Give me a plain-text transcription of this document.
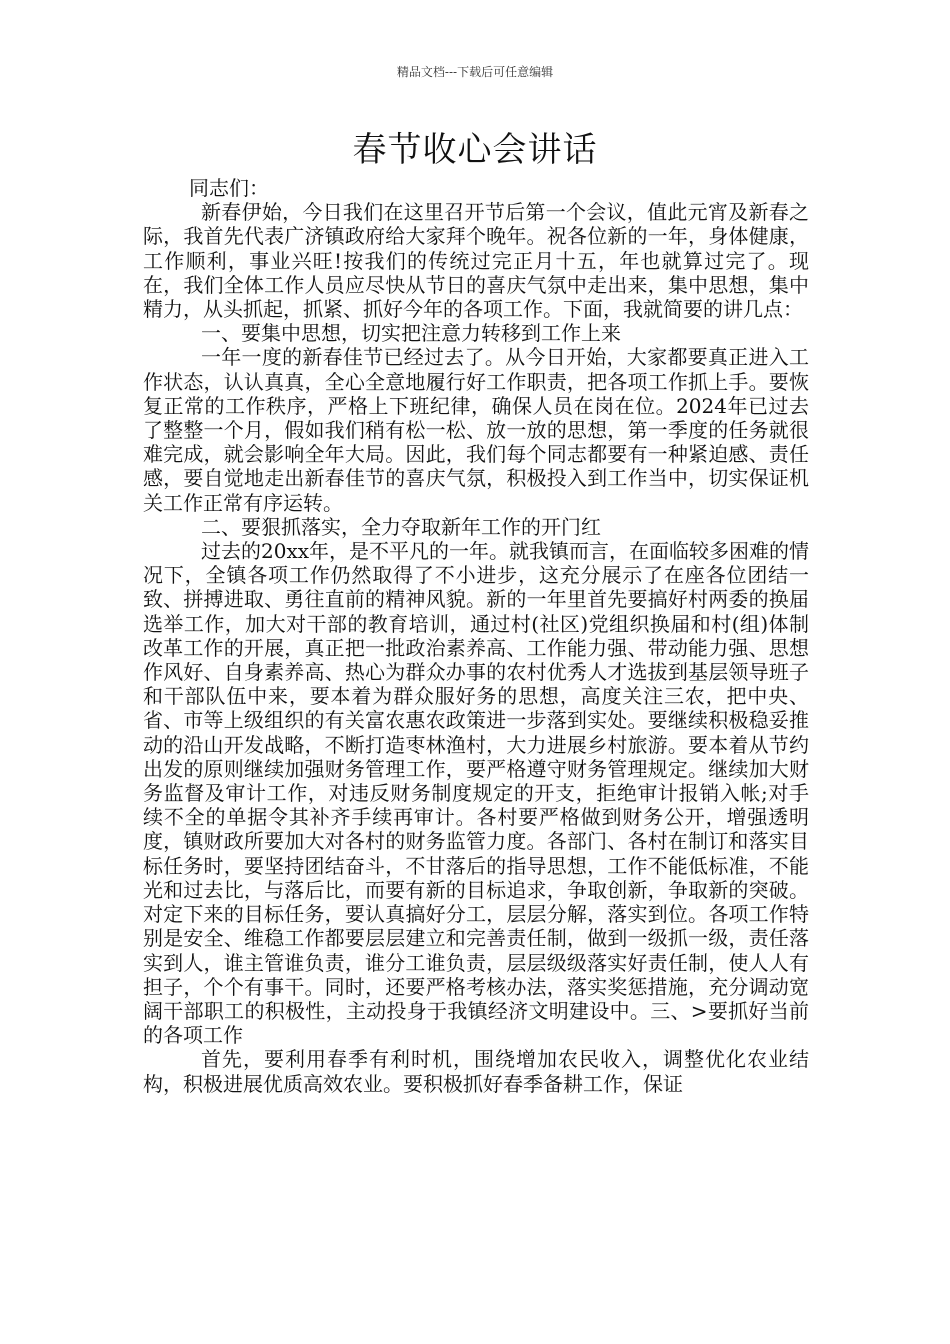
精品文档---下载后可任意编辑
春节收心会讲话

同志们：

新春伊始，今日我们在这里召开节后第一个会议，值此元宵及新春之际，我首先代表广济镇政府给大家拜个晚年。祝各位新的一年，身体健康，工作顺利，事业兴旺!按我们的传统过完正月十五，年也就算过完了。现在，我们全体工作人员应尽快从节日的喜庆气氛中走出来，集中思想，集中精力，从头抓起，抓紧、抓好今年的各项工作。下面，我就简要的讲几点：

一、要集中思想，切实把注意力转移到工作上来

一年一度的新春佳节已经过去了。从今日开始，大家都要真正进入工作状态，认认真真，全心全意地履行好工作职责，把各项工作抓上手。要恢复正常的工作秩序，严格上下班纪律，确保人员在岗在位。2024年已过去了整整一个月，假如我们稍有松一松、放一放的思想，第一季度的任务就很难完成，就会影响全年大局。因此，我们每个同志都要有一种紧迫感、责任感，要自觉地走出新春佳节的喜庆气氛，积极投入到工作当中，切实保证机关工作正常有序运转。

二、要狠抓落实，全力夺取新年工作的开门红

过去的20xx年，是不平凡的一年。就我镇而言，在面临较多困难的情况下，全镇各项工作仍然取得了不小进步，这充分展示了在座各位团结一致、拼搏进取、勇往直前的精神风貌。新的一年里首先要搞好村两委的换届选举工作，加大对干部的教育培训，通过村(社区)党组织换届和村(组)体制改革工作的开展，真正把一批政治素养高、工作能力强、带动能力强、思想作风好、自身素养高、热心为群众办事的农村优秀人才选拔到基层领导班子和干部队伍中来，要本着为群众服好务的思想，高度关注三农，把中央、省、市等上级组织的有关富农惠农政策进一步落到实处。要继续积极稳妥推动的沿山开发战略，不断打造枣林渔村，大力进展乡村旅游。要本着从节约出发的原则继续加强财务管理工作，要严格遵守财务管理规定。继续加大财务监督及审计工作，对违反财务制度规定的开支，拒绝审计报销入帐;对手续不全的单据令其补齐手续再审计。各村要严格做到财务公开，增强透明度，镇财政所要加大对各村的财务监管力度。各部门、各村在制订和落实目标任务时，要坚持团结奋斗，不甘落后的指导思想，工作不能低标准，不能光和过去比，与落后比，而要有新的目标追求，争取创新，争取新的突破。对定下来的目标任务，要认真搞好分工，层层分解，落实到位。各项工作特别是安全、维稳工作都要层层建立和完善责任制，做到一级抓一级，责任落实到人，谁主管谁负责，谁分工谁负责，层层级级落实好责任制，使人人有担子，个个有事干。同时，还要严格考核办法，落实奖惩措施，充分调动宽阔干部职工的积极性，主动投身于我镇经济文明建设中。三、>要抓好当前的各项工作

首先，要利用春季有利时机，围绕增加农民收入，调整优化农业结构，积极进展优质高效农业。要积极抓好春季备耕工作，保证
